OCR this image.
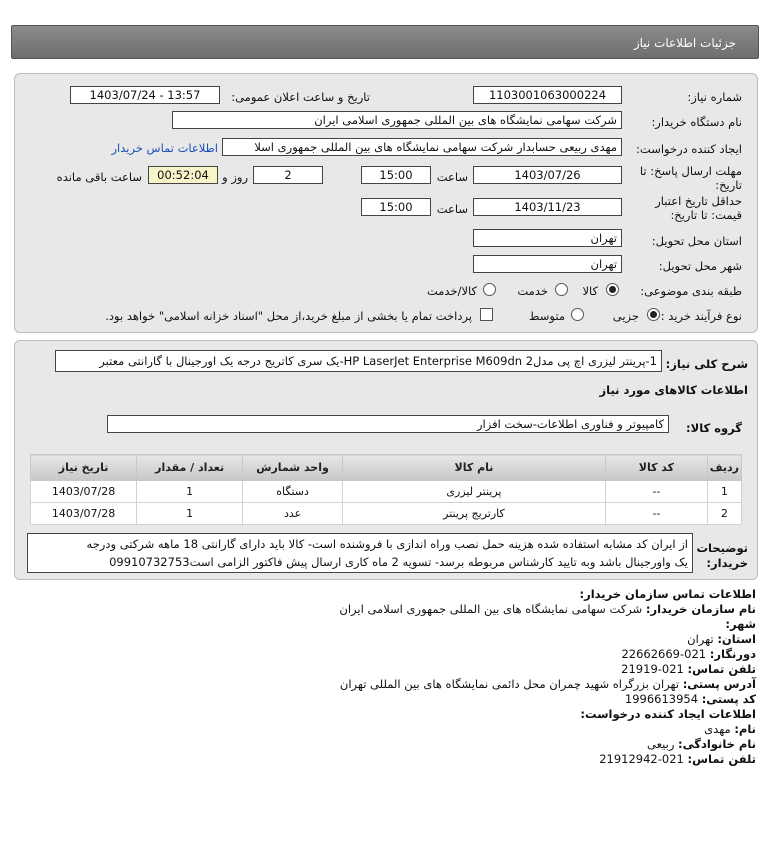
جزئیات اطلاعات نیاز
شماره نیاز:
1103001063000224
تاریخ و ساعت اعلان عمومی:
1403/07/24 - 13:57
نام دستگاه خریدار:
شرکت سهامی نمایشگاه های بین المللی جمهوری اسلامی ایران
ایجاد کننده درخواست:
مهدی ربیعی حسابدار شرکت سهامی نمایشگاه های بین المللی جمهوری اسلا
اطلاعات تماس خریدار
مهلت ارسال پاسخ: تا
تاریخ:
1403/07/26
ساعت
15:00
2
روز و
00:52:04
ساعت باقی مانده
حداقل تاریخ اعتبار
قیمت: تا تاریخ:
1403/11/23
ساعت
15:00
استان محل تحویل:
تهران
شهر محل تحویل:
تهران
طبقه بندی موضوعی:
کالا
خدمت
کالا/خدمت
نوع فرآیند خرید :
جزیی
متوسط
پرداخت تمام یا بخشی از مبلغ خرید،از محل "اسناد خزانه اسلامی" خواهد بود.
شرح کلی نیاز:
1-پرینتر لیزری اچ پی مدلHP LaserJet Enterprise M609dn 2-یک سری کاتریج درجه یک اورجینال با گارانتی معتبر
اطلاعات کالاهای مورد نیاز
گروه کالا:
کامپیوتر و فناوری اطلاعات-سخت افزار
ردیف	کد کالا	نام کالا	واحد شمارش	تعداد / مقدار	تاریخ نیاز
1	--	پرینتر لیزری	دستگاه	1	1403/07/28
2	--	کارتریج پرینتر	عدد	1	1403/07/28
توضیحات
خریدار:
از ایران کد مشابه استفاده شده هزینه حمل نصب وراه اندازی با فروشنده است- کالا باید دارای گارانتی 18 ماهه شرکتی ودرجه
یک واورجینال باشد وبه تایید کارشناس مربوطه برسد- تسویه 2 ماه کاری ارسال پیش فاکتور الزامی است09910732753
اطلاعات تماس سازمان خریدار:
نام سازمان خریدار: شرکت سهامی نمایشگاه های بین المللی جمهوری اسلامی ایران
شهر:
استان: تهران
دورنگار: 021-22662669
تلفن تماس: 021-21919
آدرس پستی: تهران بزرگراه شهید چمران محل دائمی نمایشگاه های بین المللی تهران
کد پستی: 1996613954
اطلاعات ایجاد کننده درخواست:
نام: مهدی
نام خانوادگی: ربیعی
تلفن تماس: 021-21912942
